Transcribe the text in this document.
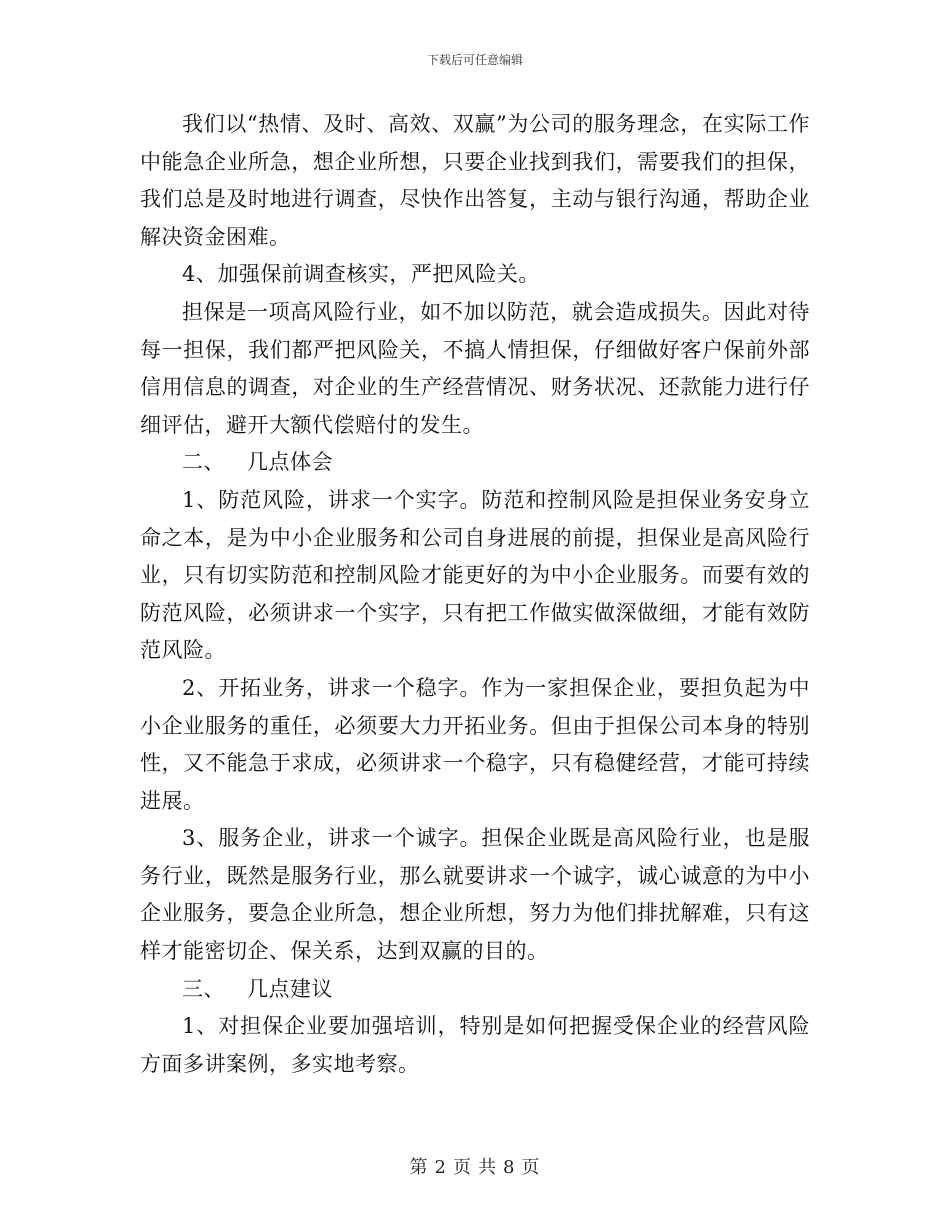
下载后可任意编辑

我们以“热情、及时、高效、双赢”为公司的服务理念，在实际工作中能急企业所急，想企业所想，只要企业找到我们，需要我们的担保，我们总是及时地进行调查，尽快作出答复，主动与银行沟通，帮助企业解决资金困难。

4、加强保前调查核实，严把风险关。

担保是一项高风险行业，如不加以防范，就会造成损失。因此对待每一担保，我们都严把风险关，不搞人情担保，仔细做好客户保前外部信用信息的调查，对企业的生产经营情况、财务状况、还款能力进行仔细评估，避开大额代偿赔付的发生。

二、 几点体会

1、防范风险，讲求一个实字。防范和控制风险是担保业务安身立命之本，是为中小企业服务和公司自身进展的前提，担保业是高风险行业，只有切实防范和控制风险才能更好的为中小企业服务。而要有效的防范风险，必须讲求一个实字，只有把工作做实做深做细，才能有效防范风险。

2、开拓业务，讲求一个稳字。作为一家担保企业，要担负起为中小企业服务的重任，必须要大力开拓业务。但由于担保公司本身的特别性，又不能急于求成，必须讲求一个稳字，只有稳健经营，才能可持续进展。

3、服务企业，讲求一个诚字。担保企业既是高风险行业，也是服务行业，既然是服务行业，那么就要讲求一个诚字，诚心诚意的为中小企业服务，要急企业所急，想企业所想，努力为他们排扰解难，只有这样才能密切企、保关系，达到双赢的目的。

三、 几点建议

1、对担保企业要加强培训，特别是如何把握受保企业的经营风险方面多讲案例，多实地考察。

第 2 页 共 8 页
